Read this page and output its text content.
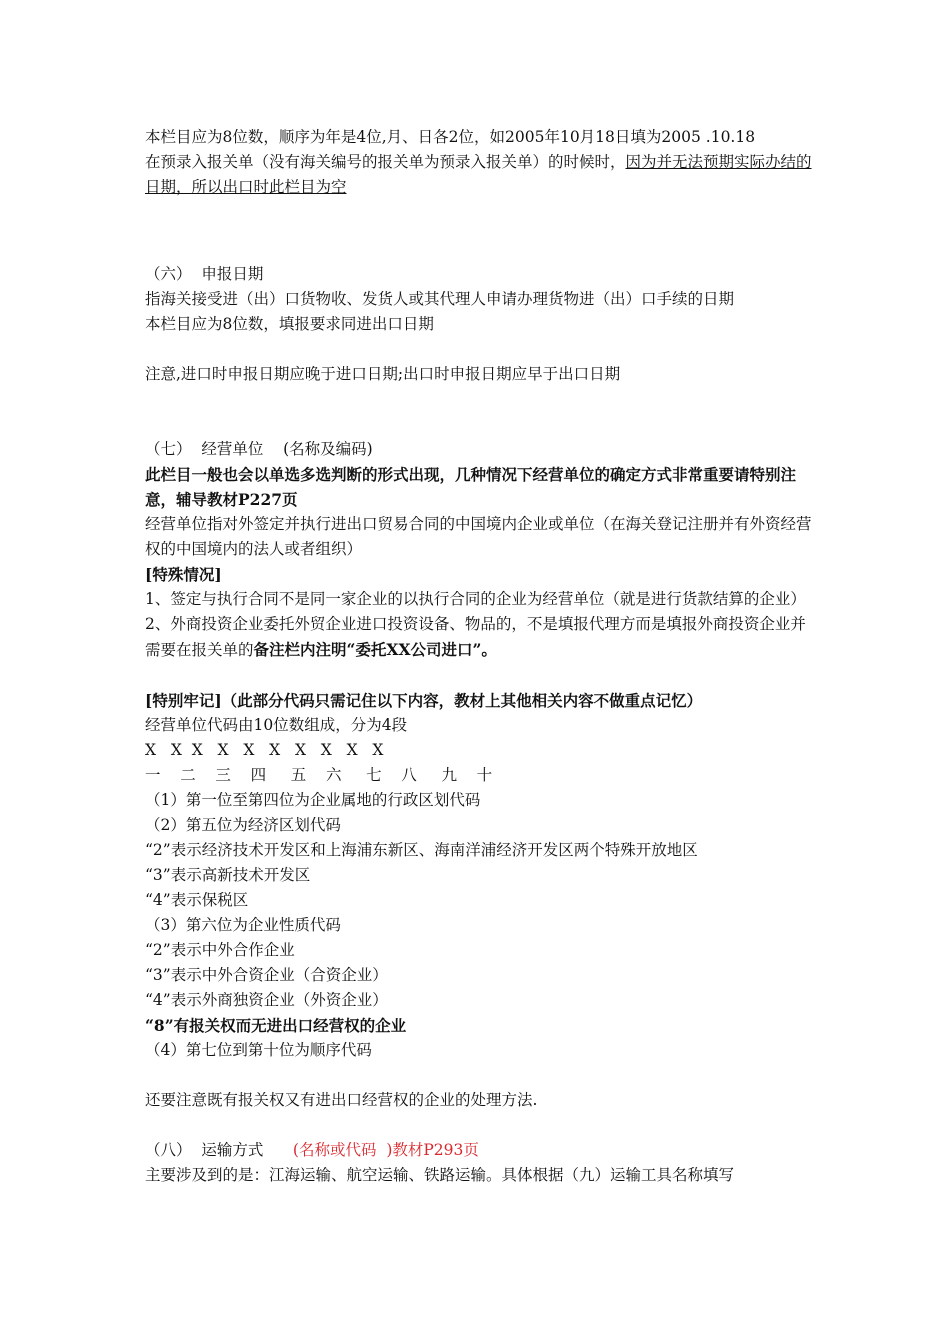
本栏目应为8位数，顺序为年是4位,月、日各2位，如2005年10月18日填为2005 .10.18

在预录入报关单（没有海关编号的报关单为预录入报关单）的时候时，因为并无法预期实际办结的日期，所以出口时此栏目为空

（六）  申报日期

指海关接受进（出）口货物收、发货人或其代理人申请办理货物进（出）口手续的日期

本栏目应为8位数，填报要求同进出口日期

注意,进口时申报日期应晚于进口日期;出口时申报日期应早于出口日期

（七）  经营单位    (名称及编码)

此栏目一般也会以单选多选判断的形式出现，几种情况下经营单位的确定方式非常重要请特别注意，辅导教材P227页

经营单位指对外签定并执行进出口贸易合同的中国境内企业或单位（在海关登记注册并有外资经营权的中国境内的法人或者组织）

[特殊情况]

1、签定与执行合同不是同一家企业的以执行合同的企业为经营单位（就是进行货款结算的企业）

2、外商投资企业委托外贸企业进口投资设备、物品的，不是填报代理方而是填报外商投资企业并需要在报关单的备注栏内注明“委托XX公司进口”。

[特别牢记]（此部分代码只需记住以下内容，教材上其他相关内容不做重点记忆）

经营单位代码由10位数组成，分为4段

X   X  X   X   X   X   X   X   X   X

一    二    三    四     五    六     七    八     九    十

（1）第一位至第四位为企业属地的行政区划代码

（2）第五位为经济区划代码

“2”表示经济技术开发区和上海浦东新区、海南洋浦经济开发区两个特殊开放地区

“3”表示高新技术开发区

“4”表示保税区

（3）第六位为企业性质代码

“2”表示中外合作企业

“3”表示中外合资企业（合资企业）

“4”表示外商独资企业（外资企业）

“8”有报关权而无进出口经营权的企业

（4）第七位到第十位为顺序代码

还要注意既有报关权又有进出口经营权的企业的处理方法.

（八）  运输方式      (名称或代码  )教材P293页

主要涉及到的是：江海运输、航空运输、铁路运输。具体根据（九）运输工具名称填写
